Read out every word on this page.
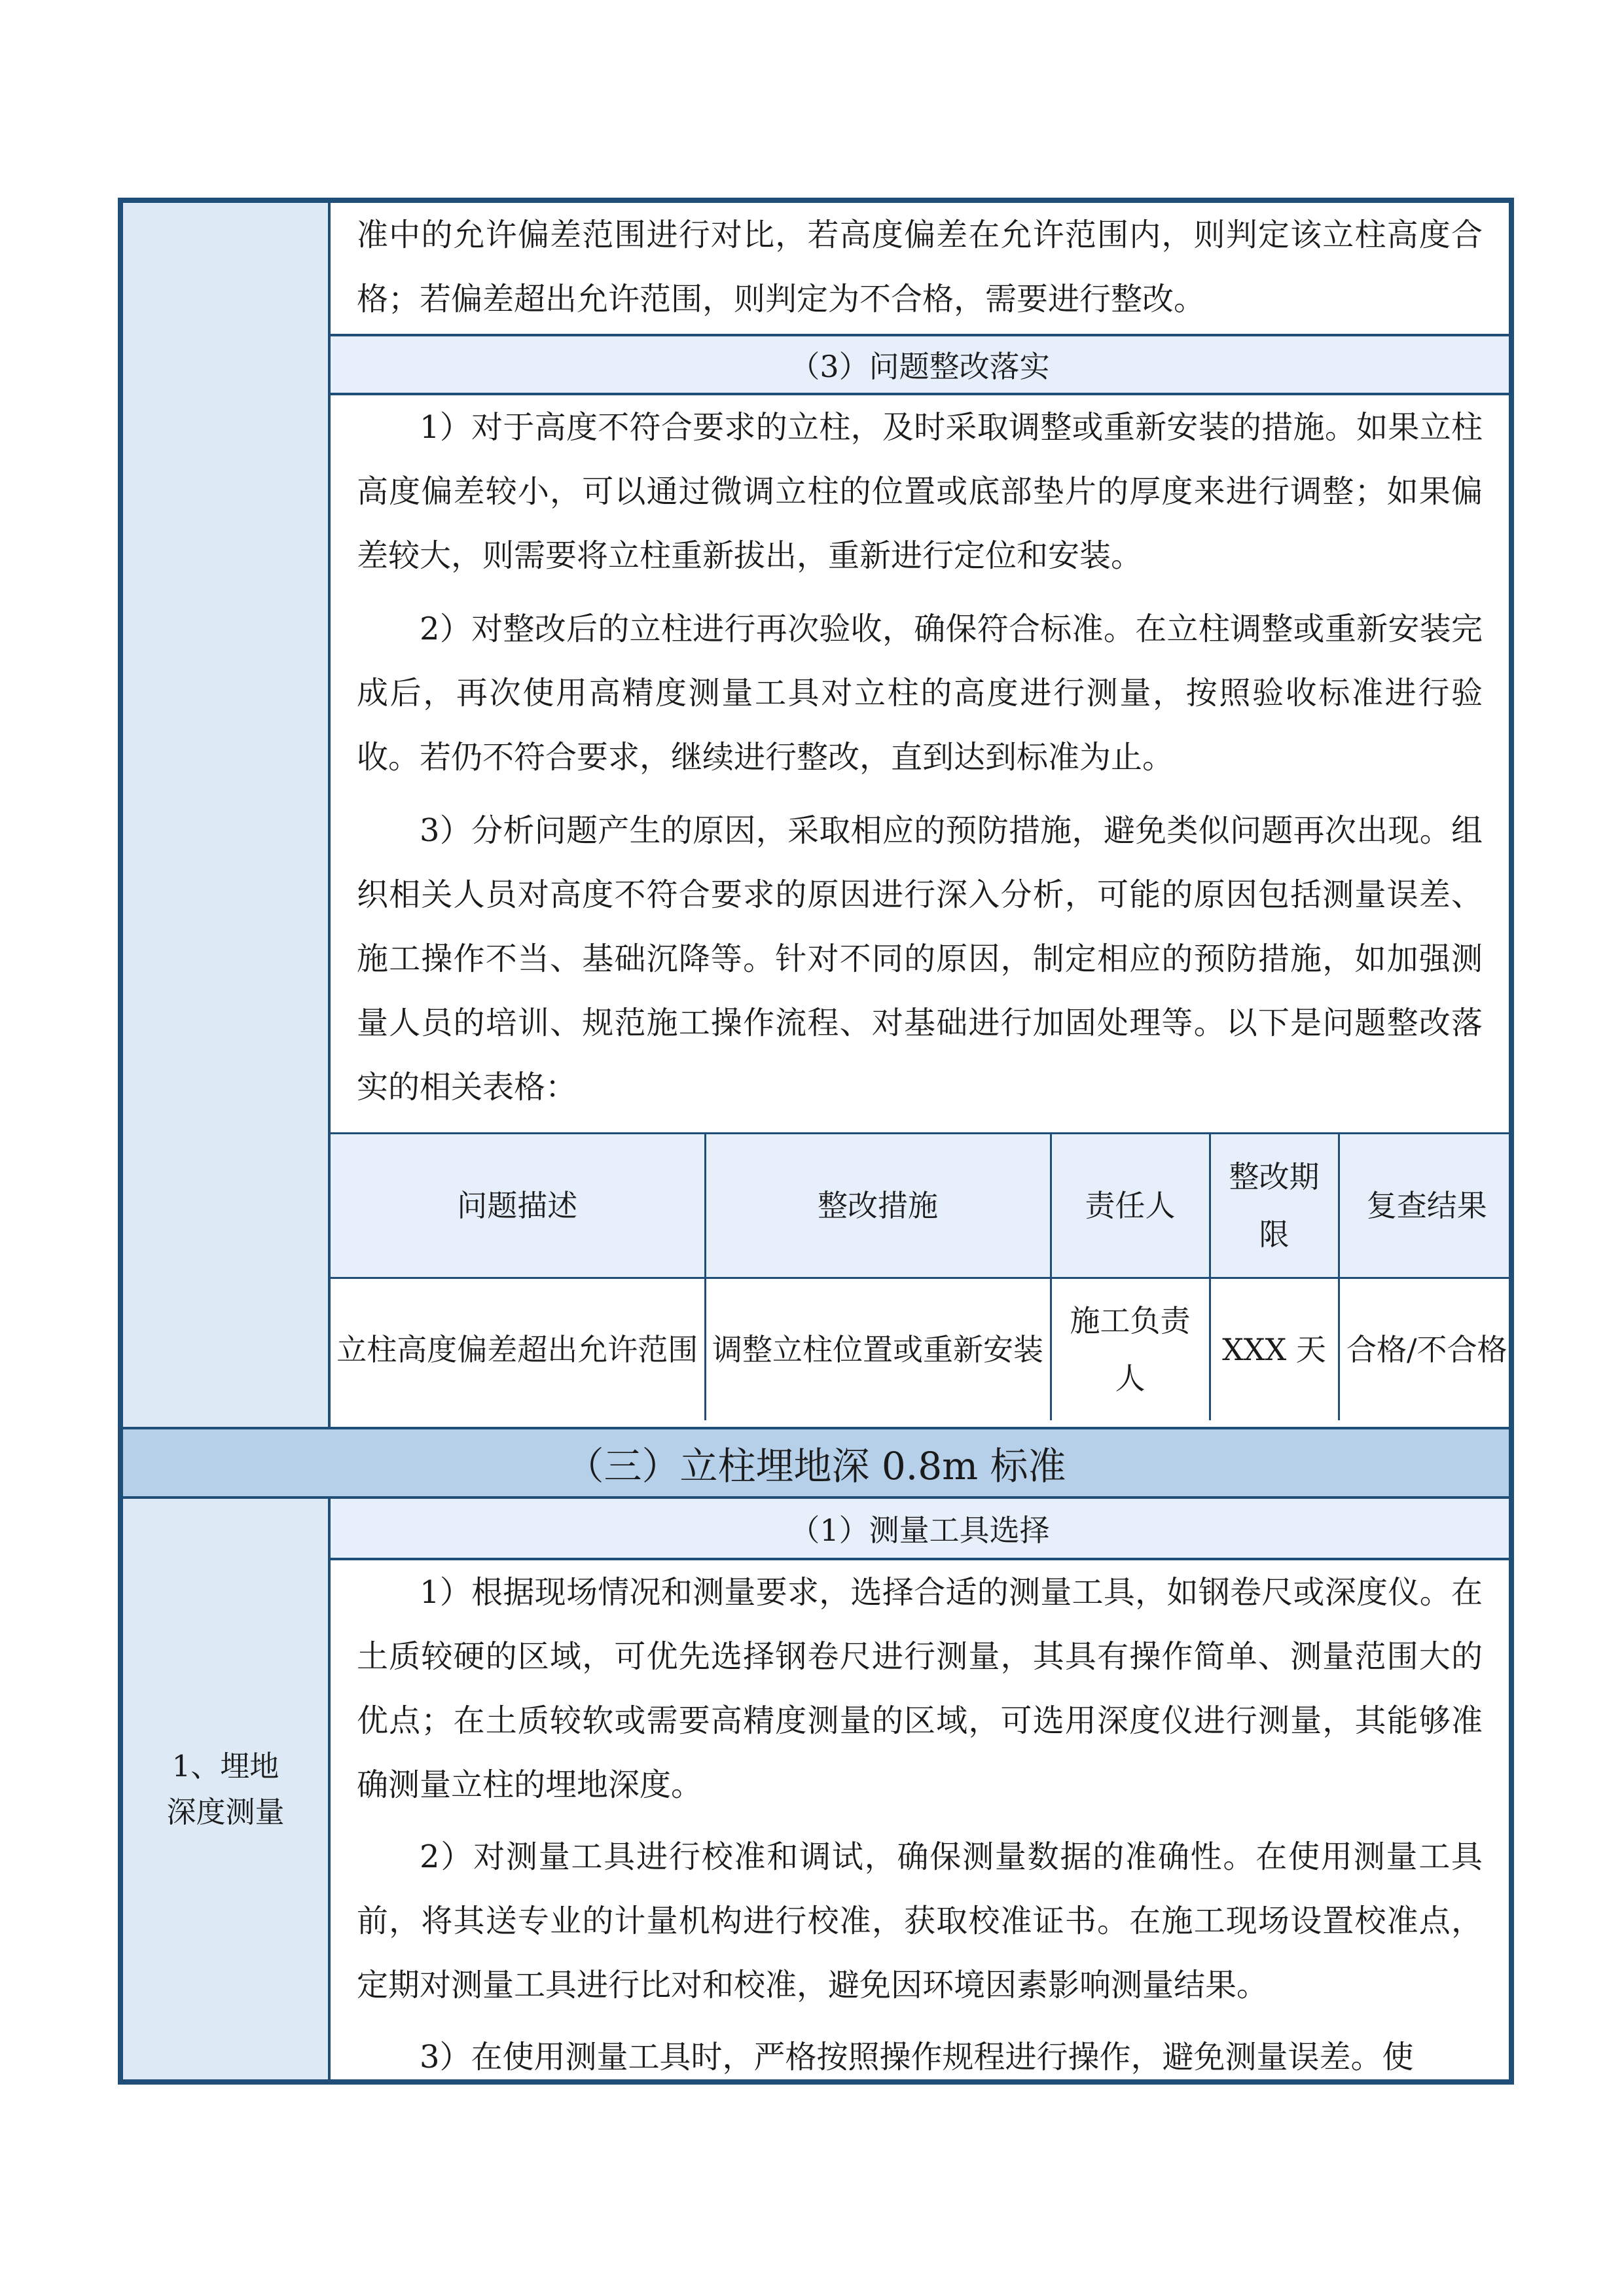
准中的允许偏差范围进行对比，若高度偏差在允许范围内，则判定该立柱高度合格；若偏差超出允许范围，则判定为不合格，需要进行整改。

（3）问题整改落实

1）对于高度不符合要求的立柱，及时采取调整或重新安装的措施。如果立柱高度偏差较小，可以通过微调立柱的位置或底部垫片的厚度来进行调整；如果偏差较大，则需要将立柱重新拔出，重新进行定位和安装。

2）对整改后的立柱进行再次验收，确保符合标准。在立柱调整或重新安装完成后，再次使用高精度测量工具对立柱的高度进行测量，按照验收标准进行验收。若仍不符合要求，继续进行整改，直到达到标准为止。

3）分析问题产生的原因，采取相应的预防措施，避免类似问题再次出现。组织相关人员对高度不符合要求的原因进行深入分析，可能的原因包括测量误差、施工操作不当、基础沉降等。针对不同的原因，制定相应的预防措施，如加强测量人员的培训、规范施工操作流程、对基础进行加固处理等。以下是问题整改落实的相关表格：

问题描述	整改措施	责任人	整改期限	复查结果
立柱高度偏差超出允许范围	调整立柱位置或重新安装	施工负责人	XXX 天	合格/不合格
（三）立柱埋地深 0.8m 标准
1、埋地深度测量
（1）测量工具选择

1）根据现场情况和测量要求，选择合适的测量工具，如钢卷尺或深度仪。在土质较硬的区域，可优先选择钢卷尺进行测量，其具有操作简单、测量范围大的优点；在土质较软或需要高精度测量的区域，可选用深度仪进行测量，其能够准确测量立柱的埋地深度。

2）对测量工具进行校准和调试，确保测量数据的准确性。在使用测量工具前，将其送专业的计量机构进行校准，获取校准证书。在施工现场设置校准点，定期对测量工具进行比对和校准，避免因环境因素影响测量结果。

3）在使用测量工具时，严格按照操作规程进行操作，避免测量误差。使
